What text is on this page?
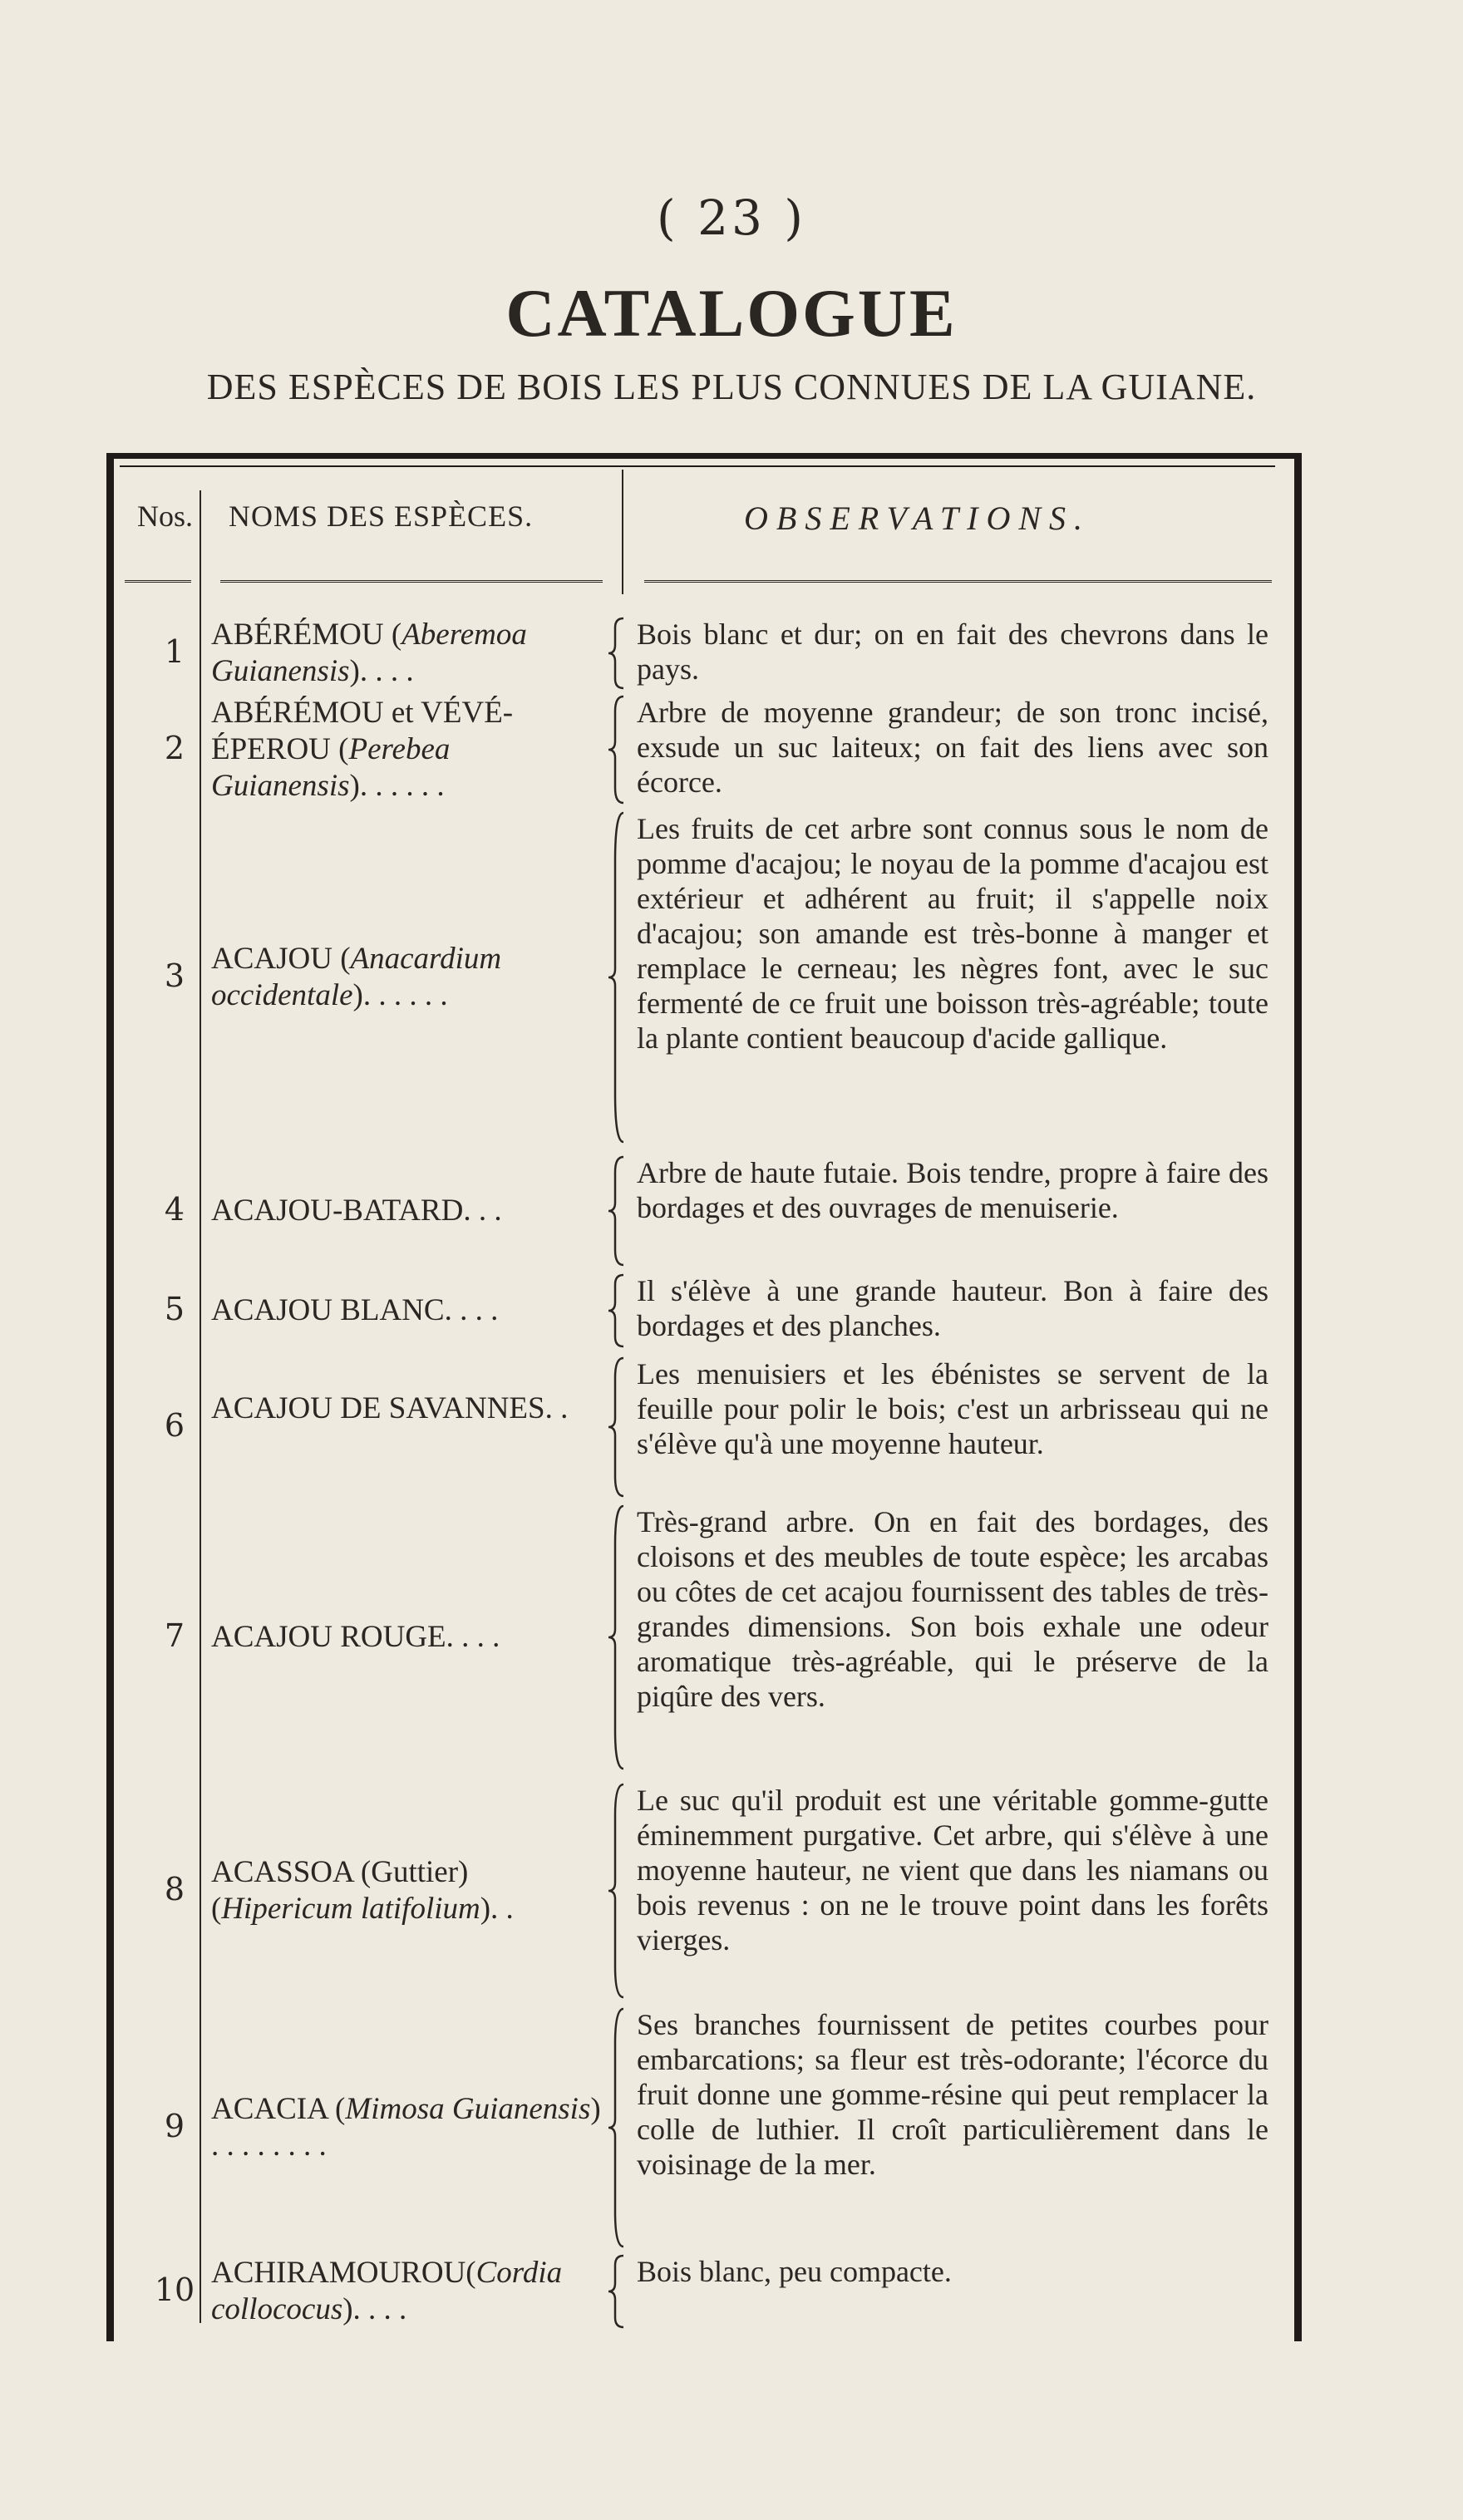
( 23 )
CATALOGUE
DES ESPÈCES DE BOIS LES PLUS CONNUES DE LA GUIANE.
Nos. NOMS DES ESPÈCES.	OBSERVATIONS.
1 ABÉRÉMOU (Aberemoa Guianensis). . . .
Bois blanc et dur; on en fait des chevrons dans le pays.
2
ABÉRÉMOU et VÉVÉ-ÉPEROU (Perebea Guianensis). . . . . .
Arbre de moyenne grandeur; de son tronc incisé, exsude un suc laiteux; on fait des liens avec son écorce.
3 ACAJOU (Anacardium occidentale). . . . . .
Les fruits de cet arbre sont connus sous le nom de pomme d'acajou; le noyau de la pomme d'acajou est extérieur et adhérent au fruit; il s'appelle noix d'acajou; son amande est très-bonne à manger et remplace le cerneau; les nègres font, avec le suc fermenté de ce fruit une boisson très-agréable; toute la plante contient beaucoup d'acide gallique.
4 ACAJOU-BATARD. . .
Arbre de haute futaie. Bois tendre, propre à faire des bordages et des ouvrages de menuiserie.
5 ACAJOU BLANC. . . .
Il s'élève à une grande hauteur. Bon à faire des bordages et des planches.
6 ACAJOU DE SAVANNES. .
Les menuisiers et les ébénistes se servent de la feuille pour polir le bois; c'est un arbrisseau qui ne s'élève qu'à une moyenne hauteur.
7 ACAJOU ROUGE. . . .
Très-grand arbre. On en fait des bordages, des cloisons et des meubles de toute espèce; les arcabas ou côtes de cet acajou fournissent des tables de très-grandes dimensions. Son bois exhale une odeur aromatique très-agréable, qui le préserve de la piqûre des vers.
8 ACASSOA (Guttier) (Hipericum latifolium). .
Le suc qu'il produit est une véritable gomme-gutte éminemment purgative. Cet arbre, qui s'élève à une moyenne hauteur, ne vient que dans les niamans ou bois revenus : on ne le trouve point dans les forêts vierges.
9 ACACIA (Mimosa Guianensis) . . . . . . . .
Ses branches fournissent de petites courbes pour embarcations; sa fleur est très-odorante; l'écorce du fruit donne une gomme-résine qui peut remplacer la colle de luthier. Il croît particulièrement dans le voisinage de la mer.
10 ACHIRAMOUROU(Cordia collococus). . . .
Bois blanc, peu compacte.
